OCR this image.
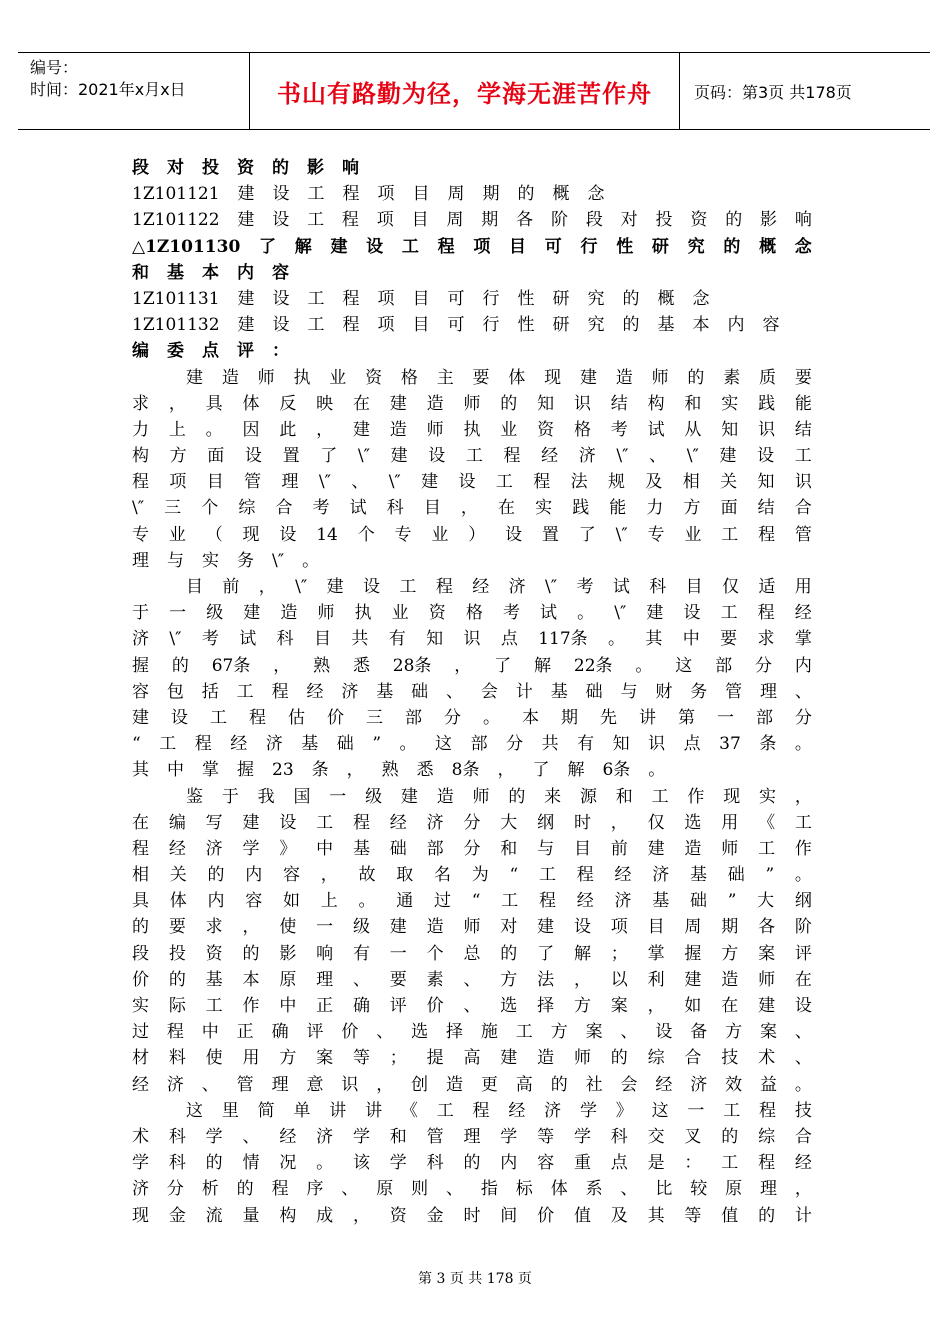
编号：
时间：2021年x月x日	书山有路勤为径，学海无涯苦作舟	页码：第3页 共178页
段 对 投 资 的 影 响
1Z101121 建 设 工 程 项 目 周 期 的 概 念
1Z101122 建 设 工 程 项 目 周 期 各 阶 段 对 投 资 的 影 响
△1Z101130 了 解 建 设 工 程 项 目 可 行 性 研 究 的 概 念
和 基 本 内 容
1Z101131 建 设 工 程 项 目 可 行 性 研 究 的 概 念
1Z101132 建 设 工 程 项 目 可 行 性 研 究 的 基 本 内 容
编 委 点 评 ：
建 造 师 执 业 资 格 主 要 体 现 建 造 师 的 素 质 要
求 ， 具 体 反 映 在 建 造 师 的 知 识 结 构 和 实 践 能
力 上 。 因 此 ， 建 造 师 执 业 资 格 考 试 从 知 识 结
构 方 面 设 置 了 \″ 建 设 工 程 经 济 \″ 、 \″ 建 设 工
程 项 目 管 理 \″ 、 \″ 建 设 工 程 法 规 及 相 关 知 识
\″ 三 个 综 合 考 试 科 目 ， 在 实 践 能 力 方 面 结 合
专 业 （ 现 设 14 个 专 业 ） 设 置 了 \″ 专 业 工 程 管
理 与 实 务 \″ 。
目 前 ， \″ 建 设 工 程 经 济 \″ 考 试 科 目 仅 适 用
于 一 级 建 造 师 执 业 资 格 考 试 。 \″ 建 设 工 程 经
济 \″ 考 试 科 目 共 有 知 识 点 117条 。 其 中 要 求 掌
握 的 67条 ， 熟 悉 28条 ， 了 解 22条 。 这 部 分 内
容 包 括 工 程 经 济 基 础 、 会 计 基 础 与 财 务 管 理 、
建 设 工 程 估 价 三 部 分 。 本 期 先 讲 第 一 部 分
“ 工 程 经 济 基 础 ” 。 这 部 分 共 有 知 识 点 37 条 。
其 中 掌 握 23 条 ， 熟 悉 8条 ， 了 解 6条 。
鉴 于 我 国 一 级 建 造 师 的 来 源 和 工 作 现 实 ，
在 编 写 建 设 工 程 经 济 分 大 纲 时 ， 仅 选 用 《 工
程 经 济 学 》 中 基 础 部 分 和 与 目 前 建 造 师 工 作
相 关 的 内 容 ， 故 取 名 为 “ 工 程 经 济 基 础 ” 。
具 体 内 容 如 上 。 通 过 “ 工 程 经 济 基 础 ” 大 纲
的 要 求 ， 使 一 级 建 造 师 对 建 设 项 目 周 期 各 阶
段 投 资 的 影 响 有 一 个 总 的 了 解 ； 掌 握 方 案 评
价 的 基 本 原 理 、 要 素 、 方 法 ， 以 利 建 造 师 在
实 际 工 作 中 正 确 评 价 、 选 择 方 案 ， 如 在 建 设
过 程 中 正 确 评 价 、 选 择 施 工 方 案 、 设 备 方 案 、
材 料 使 用 方 案 等 ； 提 高 建 造 师 的 综 合 技 术 、
经 济 、 管 理 意 识 ， 创 造 更 高 的 社 会 经 济 效 益 。
这 里 简 单 讲 讲 《 工 程 经 济 学 》 这 一 工 程 技
术 科 学 、 经 济 学 和 管 理 学 等 学 科 交 叉 的 综 合
学 科 的 情 况 。 该 学 科 的 内 容 重 点 是 ： 工 程 经
济 分 析 的 程 序 、 原 则 、 指 标 体 系 、 比 较 原 理 ，
现 金 流 量 构 成 ， 资 金 时 间 价 值 及 其 等 值 的 计
第 3 页 共 178 页
